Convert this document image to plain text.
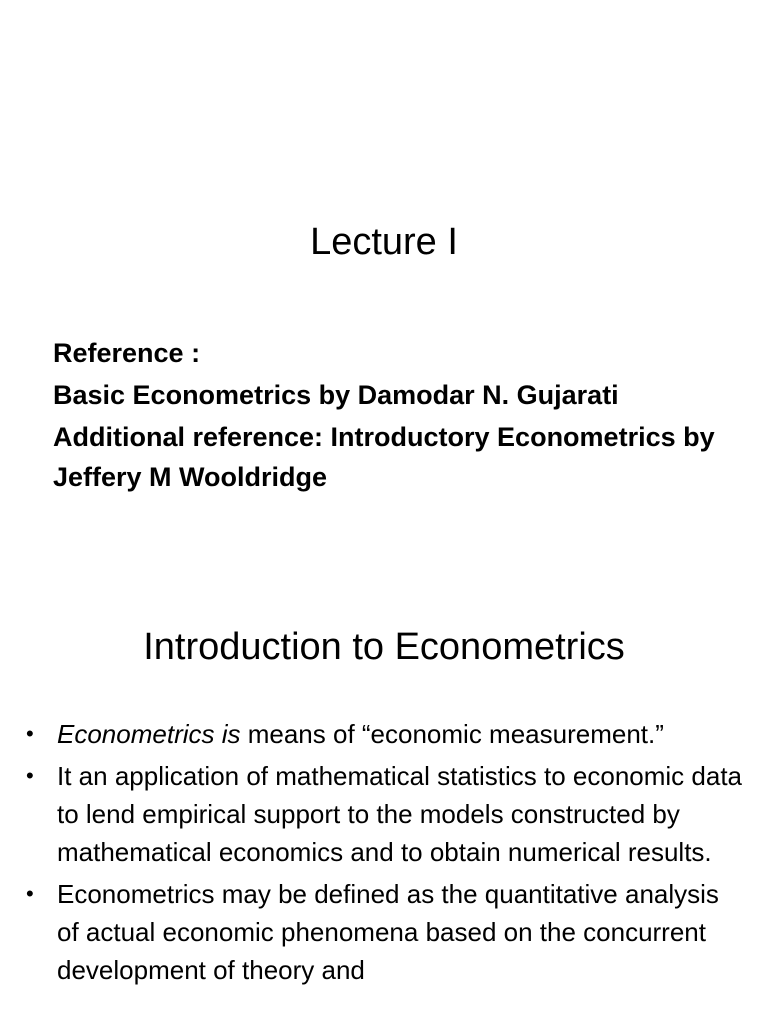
Lecture I

Reference :

Basic Econometrics by Damodar N. Gujarati

Additional reference: Introductory Econometrics by Jeffery M Wooldridge

Introduction to Econometrics
• Econometrics is means of “economic measurement.”
• It an application of mathematical statistics to economic data to lend empirical support to the models constructed by mathematical economics and to obtain numerical results.
• Econometrics may be defined as the quantitative analysis of actual economic phenomena based on the concurrent development of theory and
